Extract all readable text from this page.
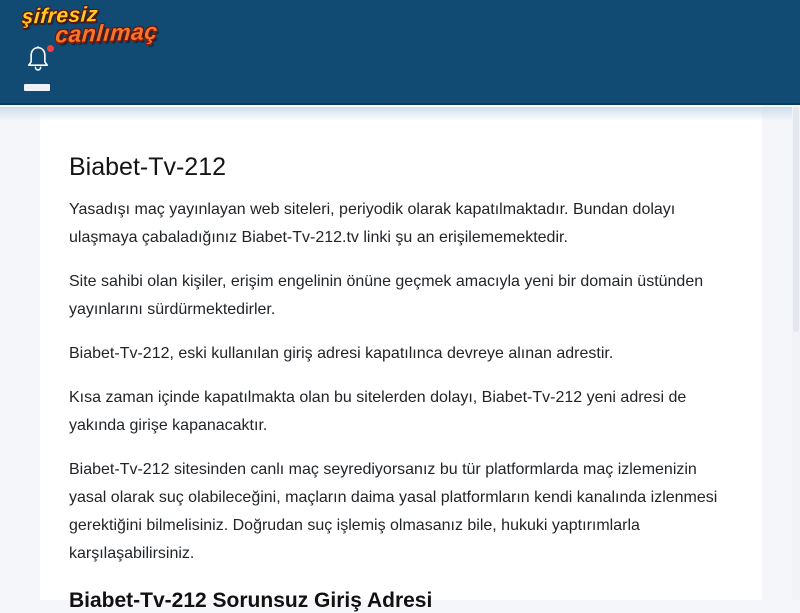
şifresiz
canlımaç
Biabet-Tv-212

Yasadışı maç yayınlayan web siteleri, periyodik olarak kapatılmaktadır. Bundan dolayı ulaşmaya çabaladığınız Biabet-Tv-212.tv linki şu an erişilememektedir.

Site sahibi olan kişiler, erişim engelinin önüne geçmek amacıyla yeni bir domain üstünden yayınlarını sürdürmektedirler.

Biabet-Tv-212, eski kullanılan giriş adresi kapatılınca devreye alınan adrestir.

Kısa zaman içinde kapatılmakta olan bu sitelerden dolayı, Biabet-Tv-212 yeni adresi de yakında girişe kapanacaktır.

Biabet-Tv-212 sitesinden canlı maç seyrediyorsanız bu tür platformlarda maç izlemenizin yasal olarak suç olabileceğini, maçların daima yasal platformların kendi kanalında izlenmesi gerektiğini bilmelisiniz. Doğrudan suç işlemiş olmasanız bile, hukuki yaptırımlarla karşılaşabilirsiniz.

Biabet-Tv-212 Sorunsuz Giriş Adresi
